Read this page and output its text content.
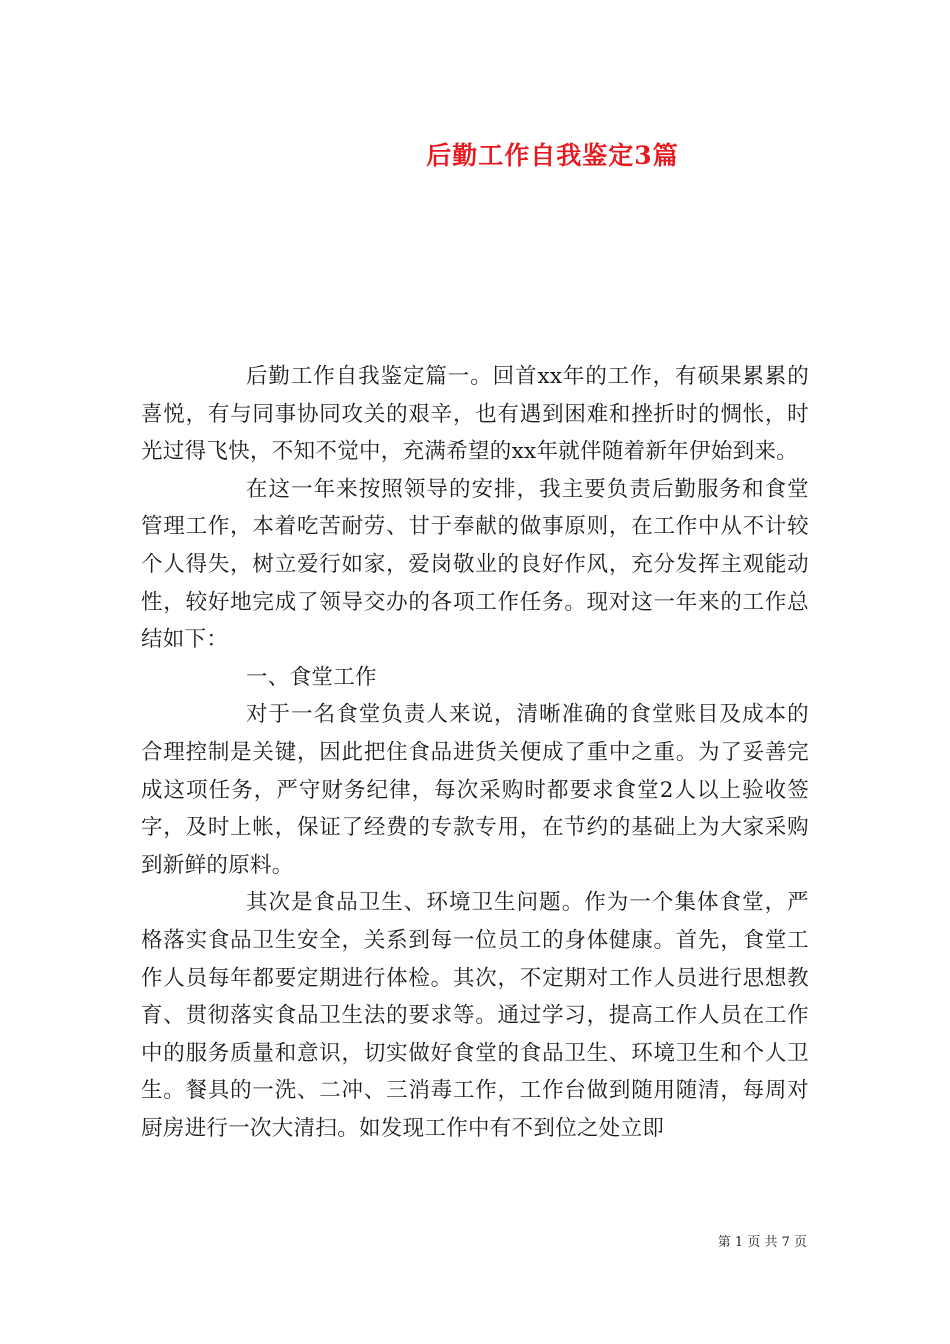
后勤工作自我鉴定3篇

后勤工作自我鉴定篇一。回首xx年的工作，有硕果累累的喜悦，有与同事协同攻关的艰辛，也有遇到困难和挫折时的惆怅，时光过得飞快，不知不觉中，充满希望的xx年就伴随着新年伊始到来。

在这一年来按照领导的安排，我主要负责后勤服务和食堂管理工作，本着吃苦耐劳、甘于奉献的做事原则，在工作中从不计较个人得失，树立爱行如家，爱岗敬业的良好作风，充分发挥主观能动性，较好地完成了领导交办的各项工作任务。现对这一年来的工作总结如下：

一、食堂工作

对于一名食堂负责人来说，清晰准确的食堂账目及成本的合理控制是关键，因此把住食品进货关便成了重中之重。为了妥善完成这项任务，严守财务纪律，每次采购时都要求食堂2人以上验收签字，及时上帐，保证了经费的专款专用，在节约的基础上为大家采购到新鲜的原料。

其次是食品卫生、环境卫生问题。作为一个集体食堂，严格落实食品卫生安全，关系到每一位员工的身体健康。首先，食堂工作人员每年都要定期进行体检。其次，不定期对工作人员进行思想教育、贯彻落实食品卫生法的要求等。通过学习，提高工作人员在工作中的服务质量和意识，切实做好食堂的食品卫生、环境卫生和个人卫生。餐具的一洗、二冲、三消毒工作，工作台做到随用随清，每周对厨房进行一次大清扫。如发现工作中有不到位之处立即

第 1 页 共 7 页
